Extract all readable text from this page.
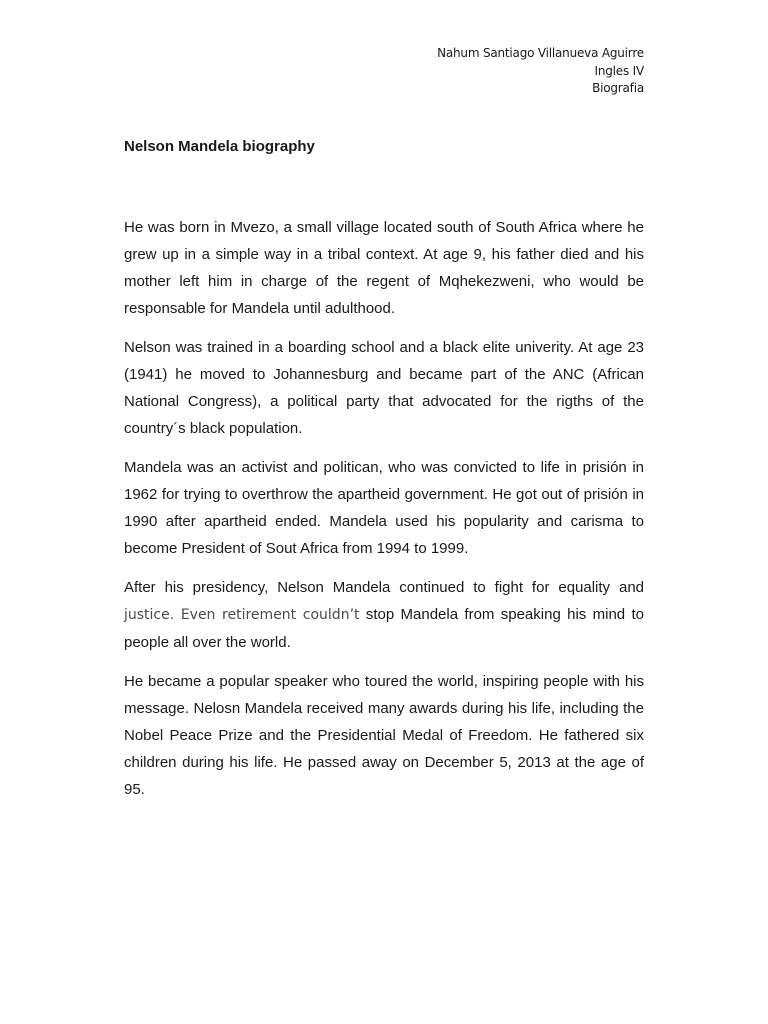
Nahum Santiago Villanueva Aguirre
Ingles IV
Biografia
Nelson Mandela biography

He was born in Mvezo, a small village located south of South Africa where he grew up in a simple way in a tribal context. At age 9, his father died and his mother left him in charge of the regent of Mqhekezweni, who would be responsable for Mandela until adulthood.

Nelson was trained in a boarding school and a black elite univerity. At age 23 (1941) he moved to Johannesburg and became part of the ANC (African National Congress), a political party that advocated for the rigths of the country´s black population.

Mandela was an activist and politican, who was convicted to life in prisión in 1962 for trying to overthrow the apartheid government. He got out of prisión in 1990 after apartheid ended. Mandela used his popularity and carisma to become President of Sout Africa from 1994 to 1999.

After his presidency, Nelson Mandela continued to fight for equality and justice. Even retirement couldn’t stop Mandela from speaking his mind to people all over the world.

He became a popular speaker who toured the world, inspiring people with his message. Nelosn Mandela received many awards during his life, including the Nobel Peace Prize and the Presidential Medal of Freedom. He fathered six children during his life. He passed away on December 5, 2013 at the age of 95.
